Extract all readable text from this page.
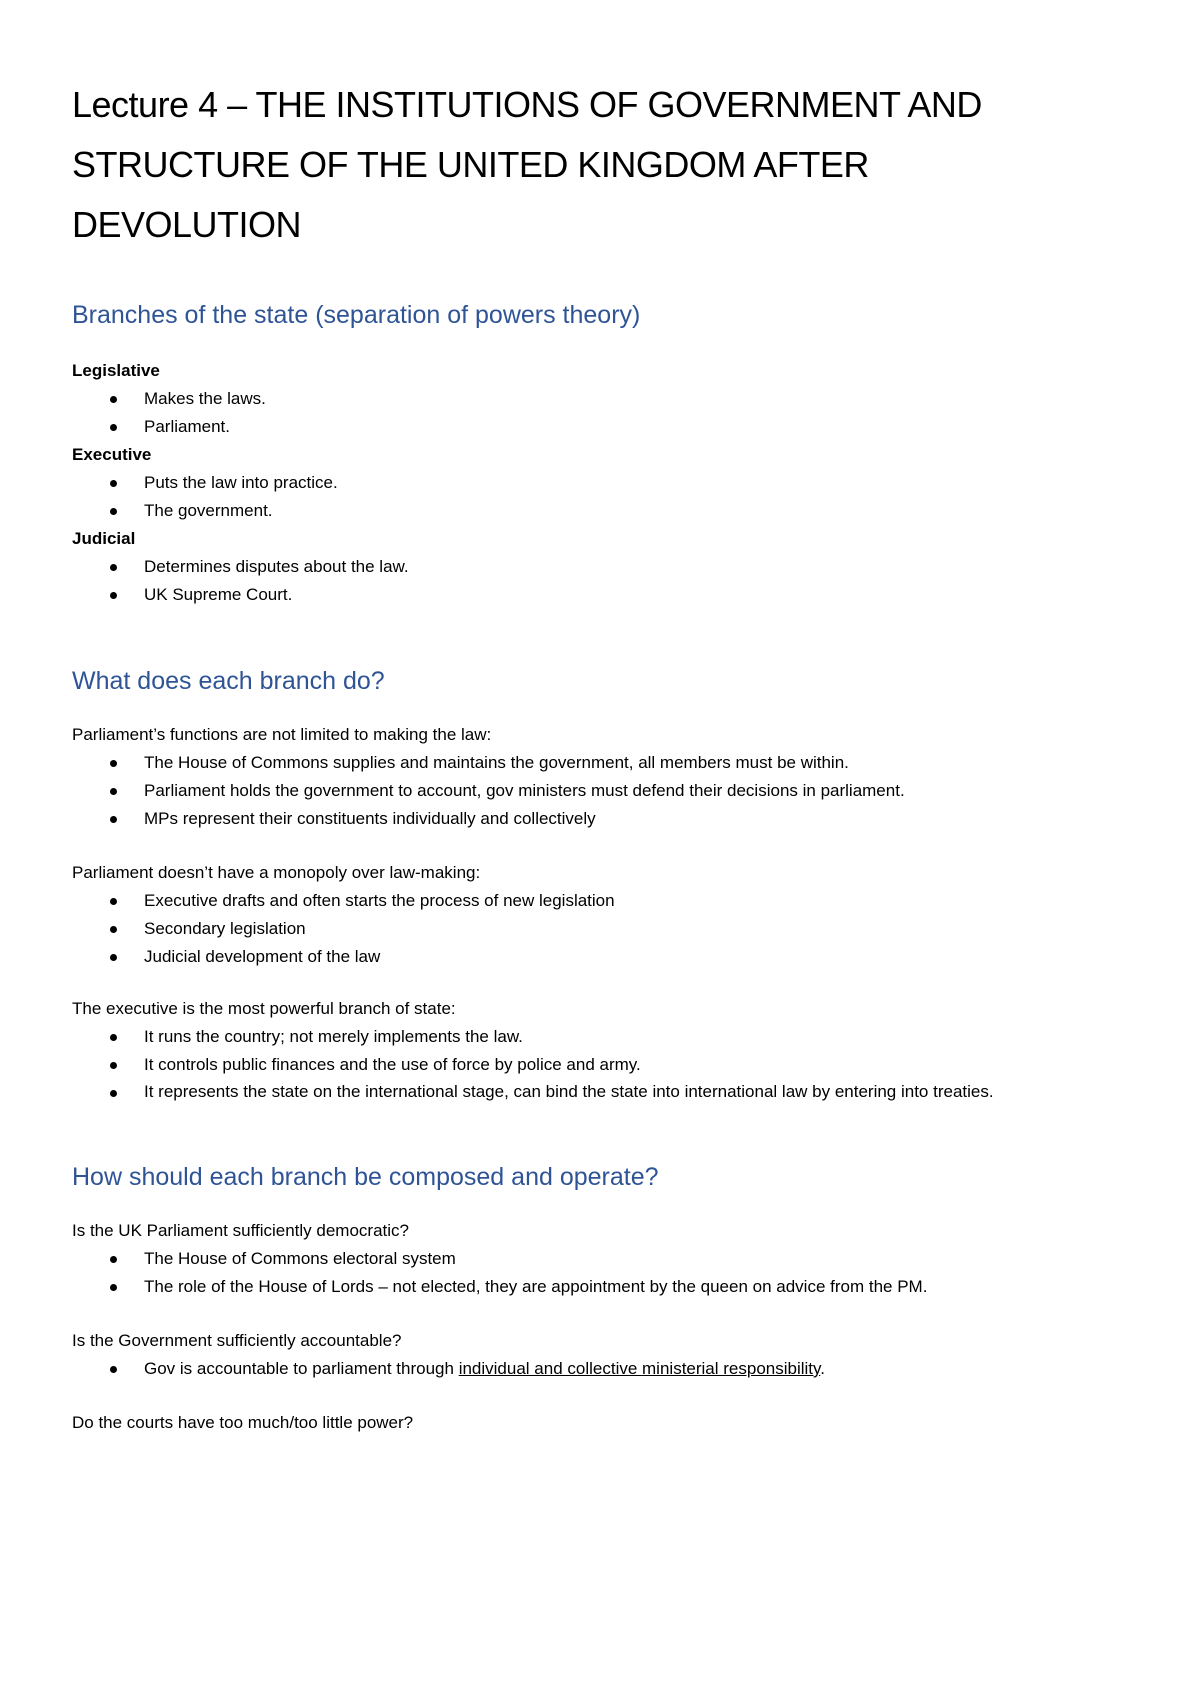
Lecture 4 – THE INSTITUTIONS OF GOVERNMENT AND
STRUCTURE OF THE UNITED KINGDOM AFTER
DEVOLUTION
Branches of the state (separation of powers theory)

Legislative

Makes the laws.
Parliament.

Executive

Puts the law into practice.
The government.

Judicial

Determines disputes about the law.
UK Supreme Court.
What does each branch do?

Parliament’s functions are not limited to making the law:

The House of Commons supplies and maintains the government, all members must be within.
Parliament holds the government to account, gov ministers must defend their decisions in parliament.
MPs represent their constituents individually and collectively

Parliament doesn’t have a monopoly over law-making:

Executive drafts and often starts the process of new legislation
Secondary legislation
Judicial development of the law

The executive is the most powerful branch of state:

It runs the country; not merely implements the law.
It controls public finances and the use of force by police and army.
It represents the state on the international stage, can bind the state into international law by entering into treaties.
How should each branch be composed and operate?

Is the UK Parliament sufficiently democratic?

The House of Commons electoral system
The role of the House of Lords – not elected, they are appointment by the queen on advice from the PM.

Is the Government sufficiently accountable?

Gov is accountable to parliament through individual and collective ministerial responsibility.

Do the courts have too much/too little power?
